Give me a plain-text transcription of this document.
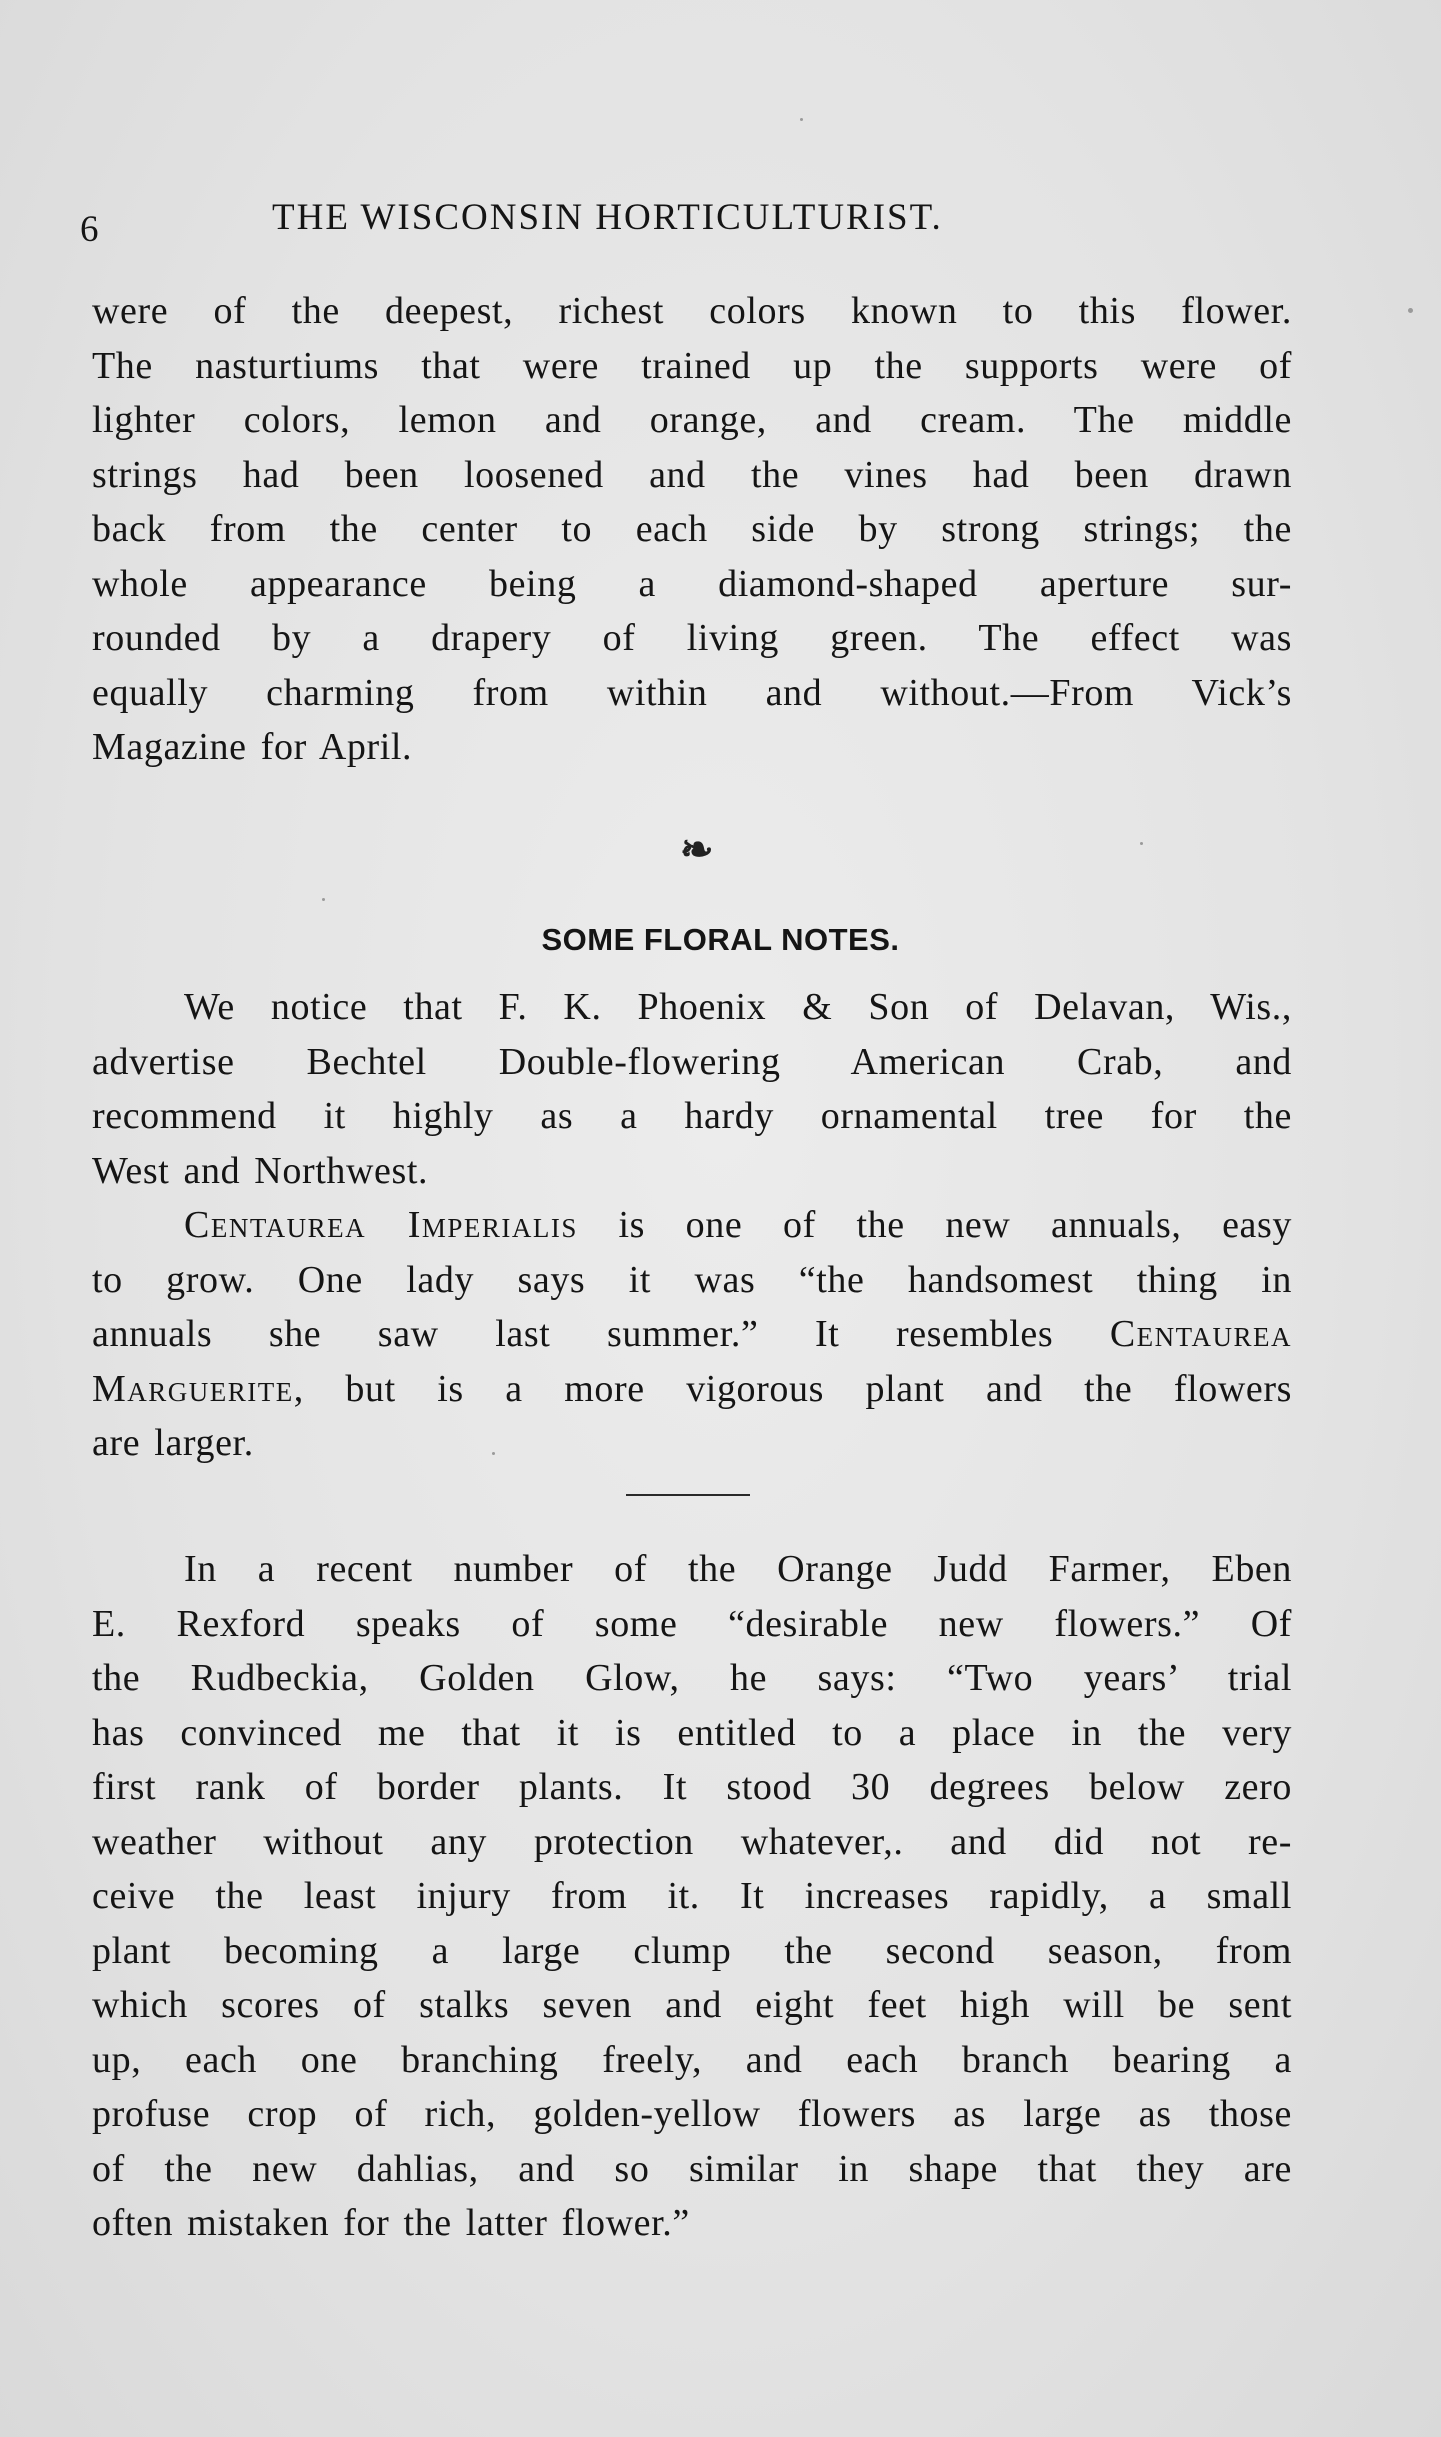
6	THE WISCONSIN HORTICULTURIST.
were of the deepest, richest colors known to this flower.
The nasturtiums that were trained up the supports were of
lighter colors, lemon and orange, and cream. The middle
strings had been loosened and the vines had been drawn
back from the center to each side by strong strings; the
whole appearance being a diamond-shaped aperture sur-
rounded by a drapery of living green. The effect was
equally charming from within and without.—From Vick’s
Magazine for April.
❧
SOME FLORAL NOTES.
We notice that F. K. Phoenix & Son of Delavan, Wis.,
advertise Bechtel Double-flowering American Crab, and
recommend it highly as a hardy ornamental tree for the
West and Northwest.
Centaurea Imperialis is one of the new annuals, easy
to grow. One lady says it was “the handsomest thing in
annuals she saw last summer.” It resembles Centaurea
Marguerite, but is a more vigorous plant and the flowers
are larger.
In a recent number of the Orange Judd Farmer, Eben
E. Rexford speaks of some “desirable new flowers.” Of
the Rudbeckia, Golden Glow, he says: “Two years’ trial
has convinced me that it is entitled to a place in the very
first rank of border plants. It stood 30 degrees below zero
weather without any protection whatever,. and did not re-
ceive the least injury from it. It increases rapidly, a small
plant becoming a large clump the second season, from
which scores of stalks seven and eight feet high will be sent
up, each one branching freely, and each branch bearing a
profuse crop of rich, golden-yellow flowers as large as those
of the new dahlias, and so similar in shape that they are
often mistaken for the latter flower.”
